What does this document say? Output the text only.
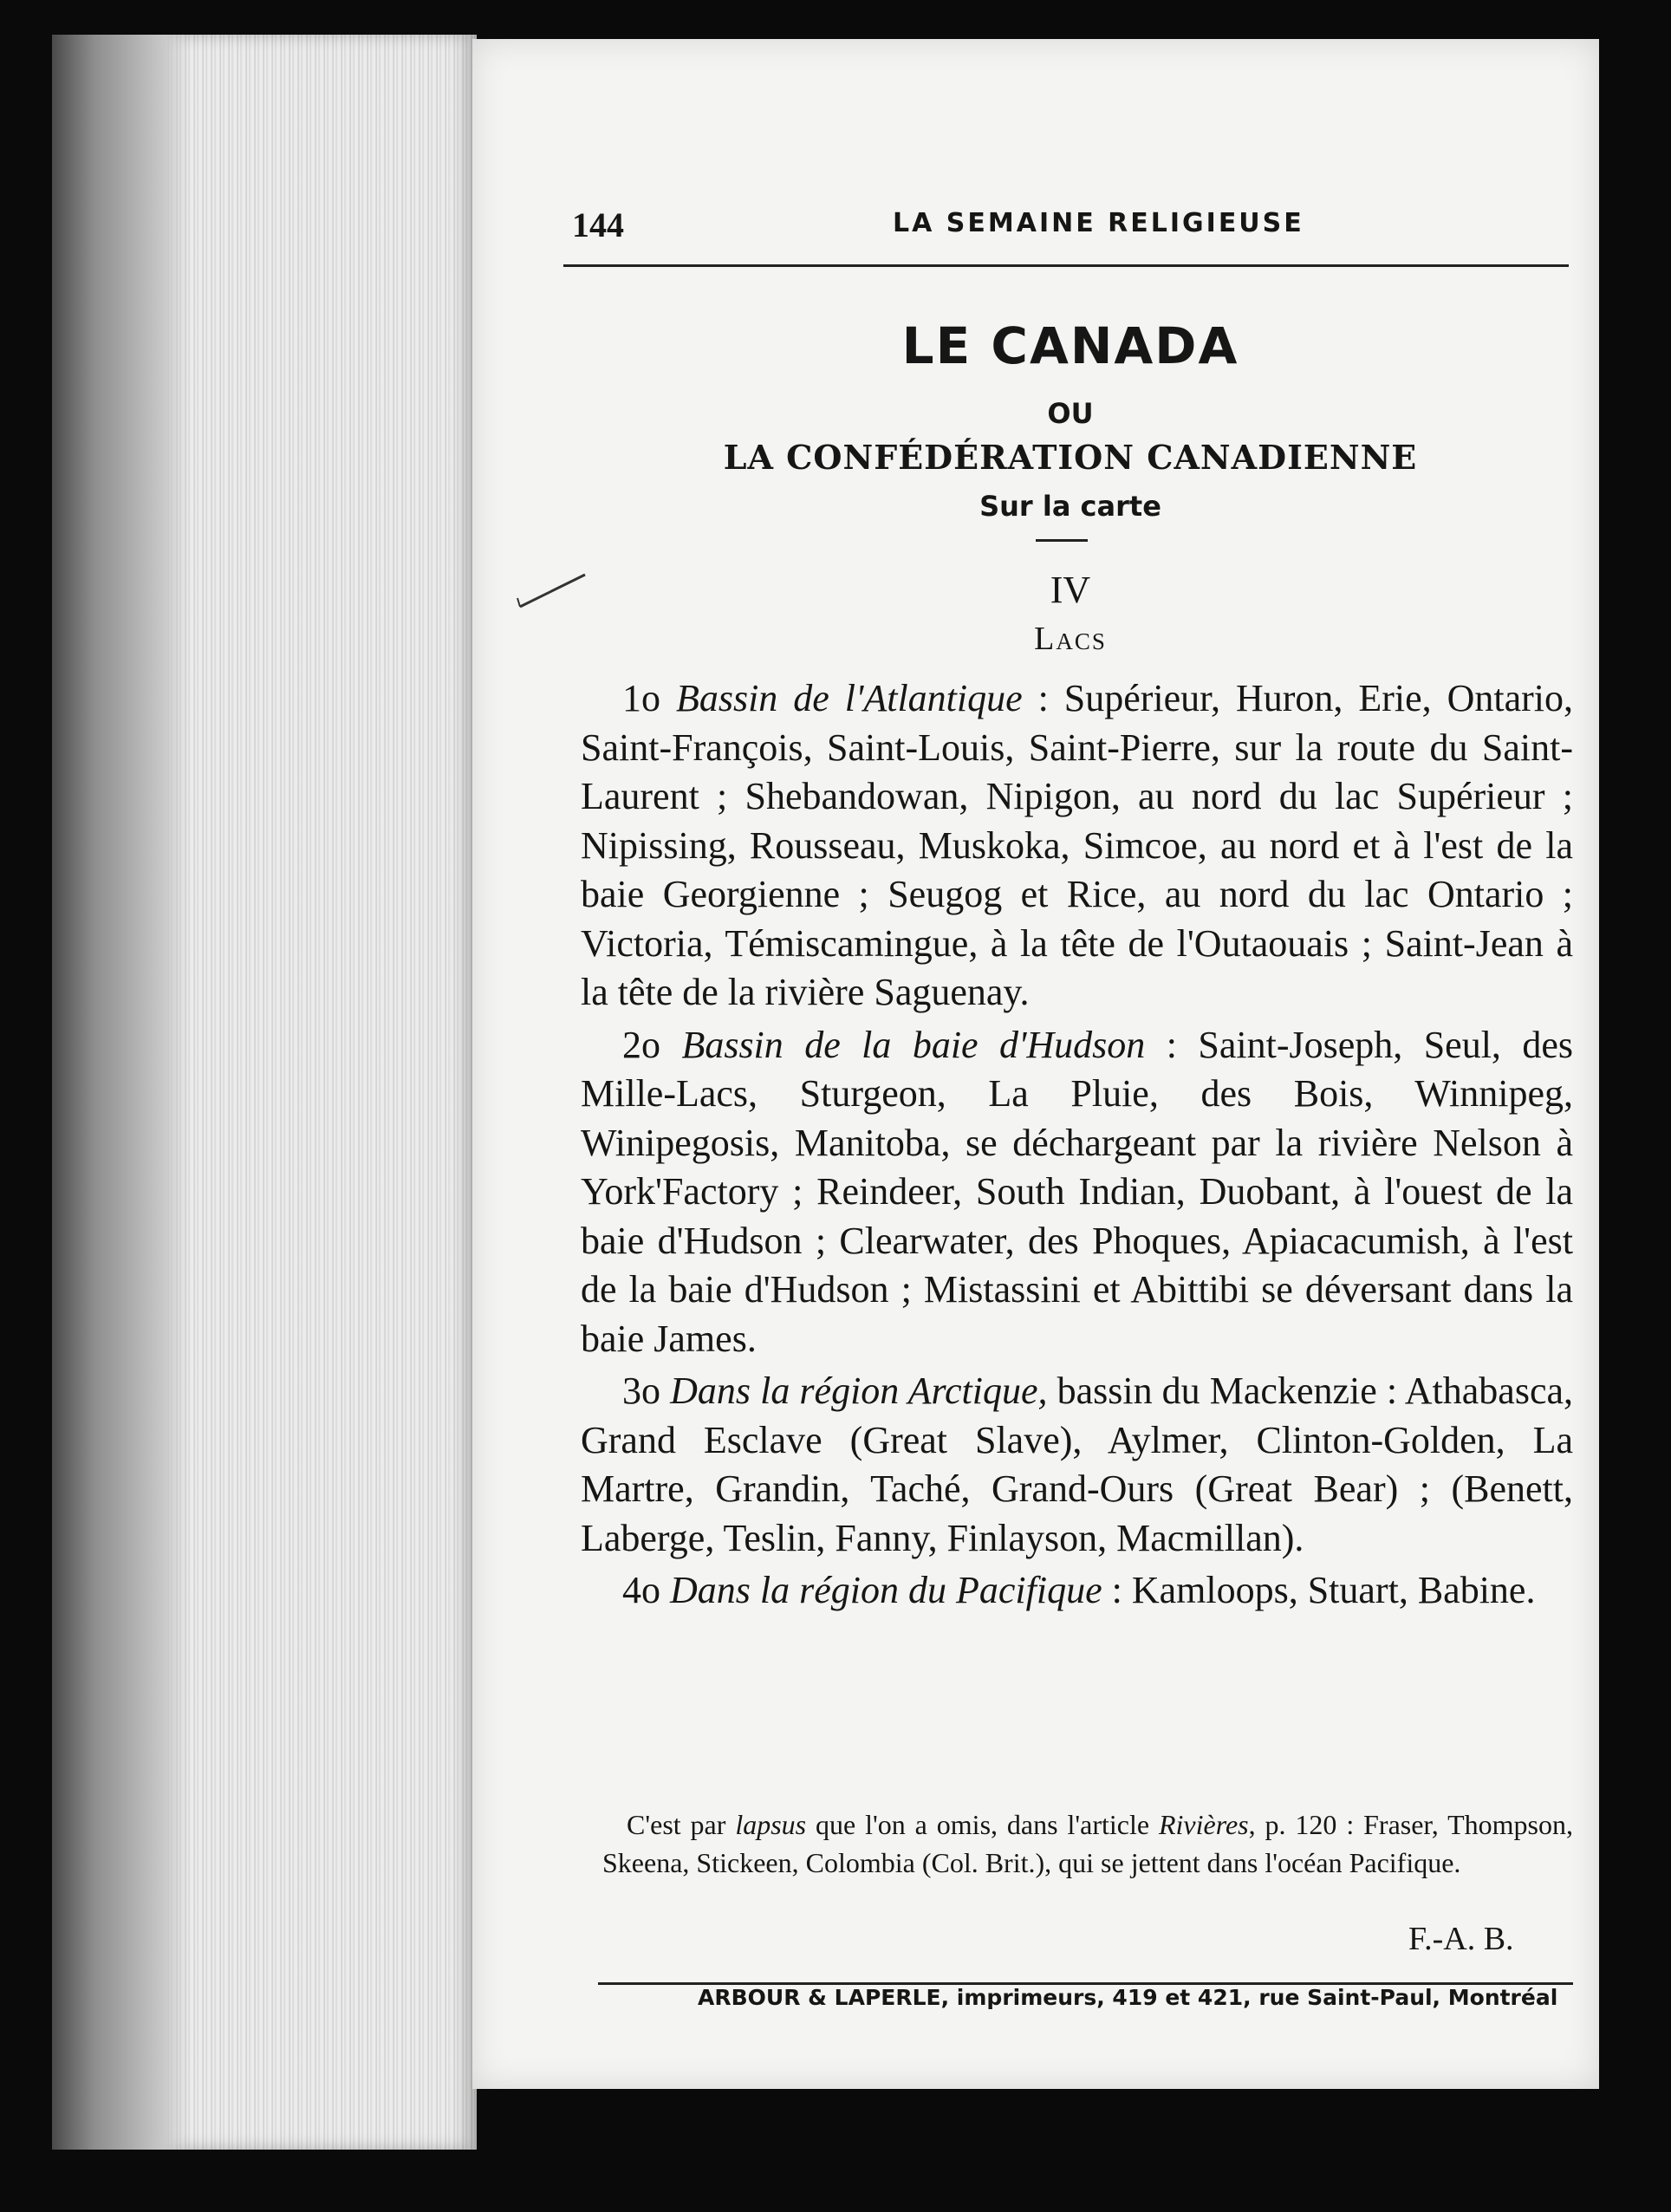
144	LA SEMAINE RELIGIEUSE
LE CANADA
OU
LA CONFÉDÉRATION CANADIENNE
Sur la carte
IV
Lacs

1o Bassin de l'Atlantique : Supérieur, Huron, Erie, Ontario, Saint-François, Saint-Louis, Saint-Pierre, sur la route du Saint-Laurent ; Shebandowan, Nipigon, au nord du lac Supérieur ; Nipissing, Rousseau, Muskoka, Simcoe, au nord et à l'est de la baie Georgienne ; Seugog et Rice, au nord du lac Ontario ; Victoria, Témiscamingue, à la tête de l'Outaouais ; Saint-Jean à la tête de la rivière Saguenay.

2o Bassin de la baie d'Hudson : Saint-Joseph, Seul, des Mille-Lacs, Sturgeon, La Pluie, des Bois, Winnipeg, Winipegosis, Manitoba, se déchargeant par la rivière Nelson à York'Factory ; Reindeer, South Indian, Duobant, à l'ouest de la baie d'Hudson ; Clearwater, des Phoques, Apiacacumish, à l'est de la baie d'Hudson ; Mistassini et Abittibi se déversant dans la baie James.

3o Dans la région Arctique, bassin du Mackenzie : Athabasca, Grand Esclave (Great Slave), Aylmer, Clinton-Golden, La Martre, Grandin, Taché, Grand-Ours (Great Bear) ; (Benett, Laberge, Teslin, Fanny, Finlayson, Macmillan).

4o Dans la région du Pacifique : Kamloops, Stuart, Babine.

C'est par lapsus que l'on a omis, dans l'article Rivières, p. 120 : Fraser, Thompson, Skeena, Stickeen, Colombia (Col. Brit.), qui se jettent dans l'océan Pacifique.

F.-A. B.
ARBOUR & LAPERLE, imprimeurs, 419 et 421, rue Saint-Paul, Montréal
